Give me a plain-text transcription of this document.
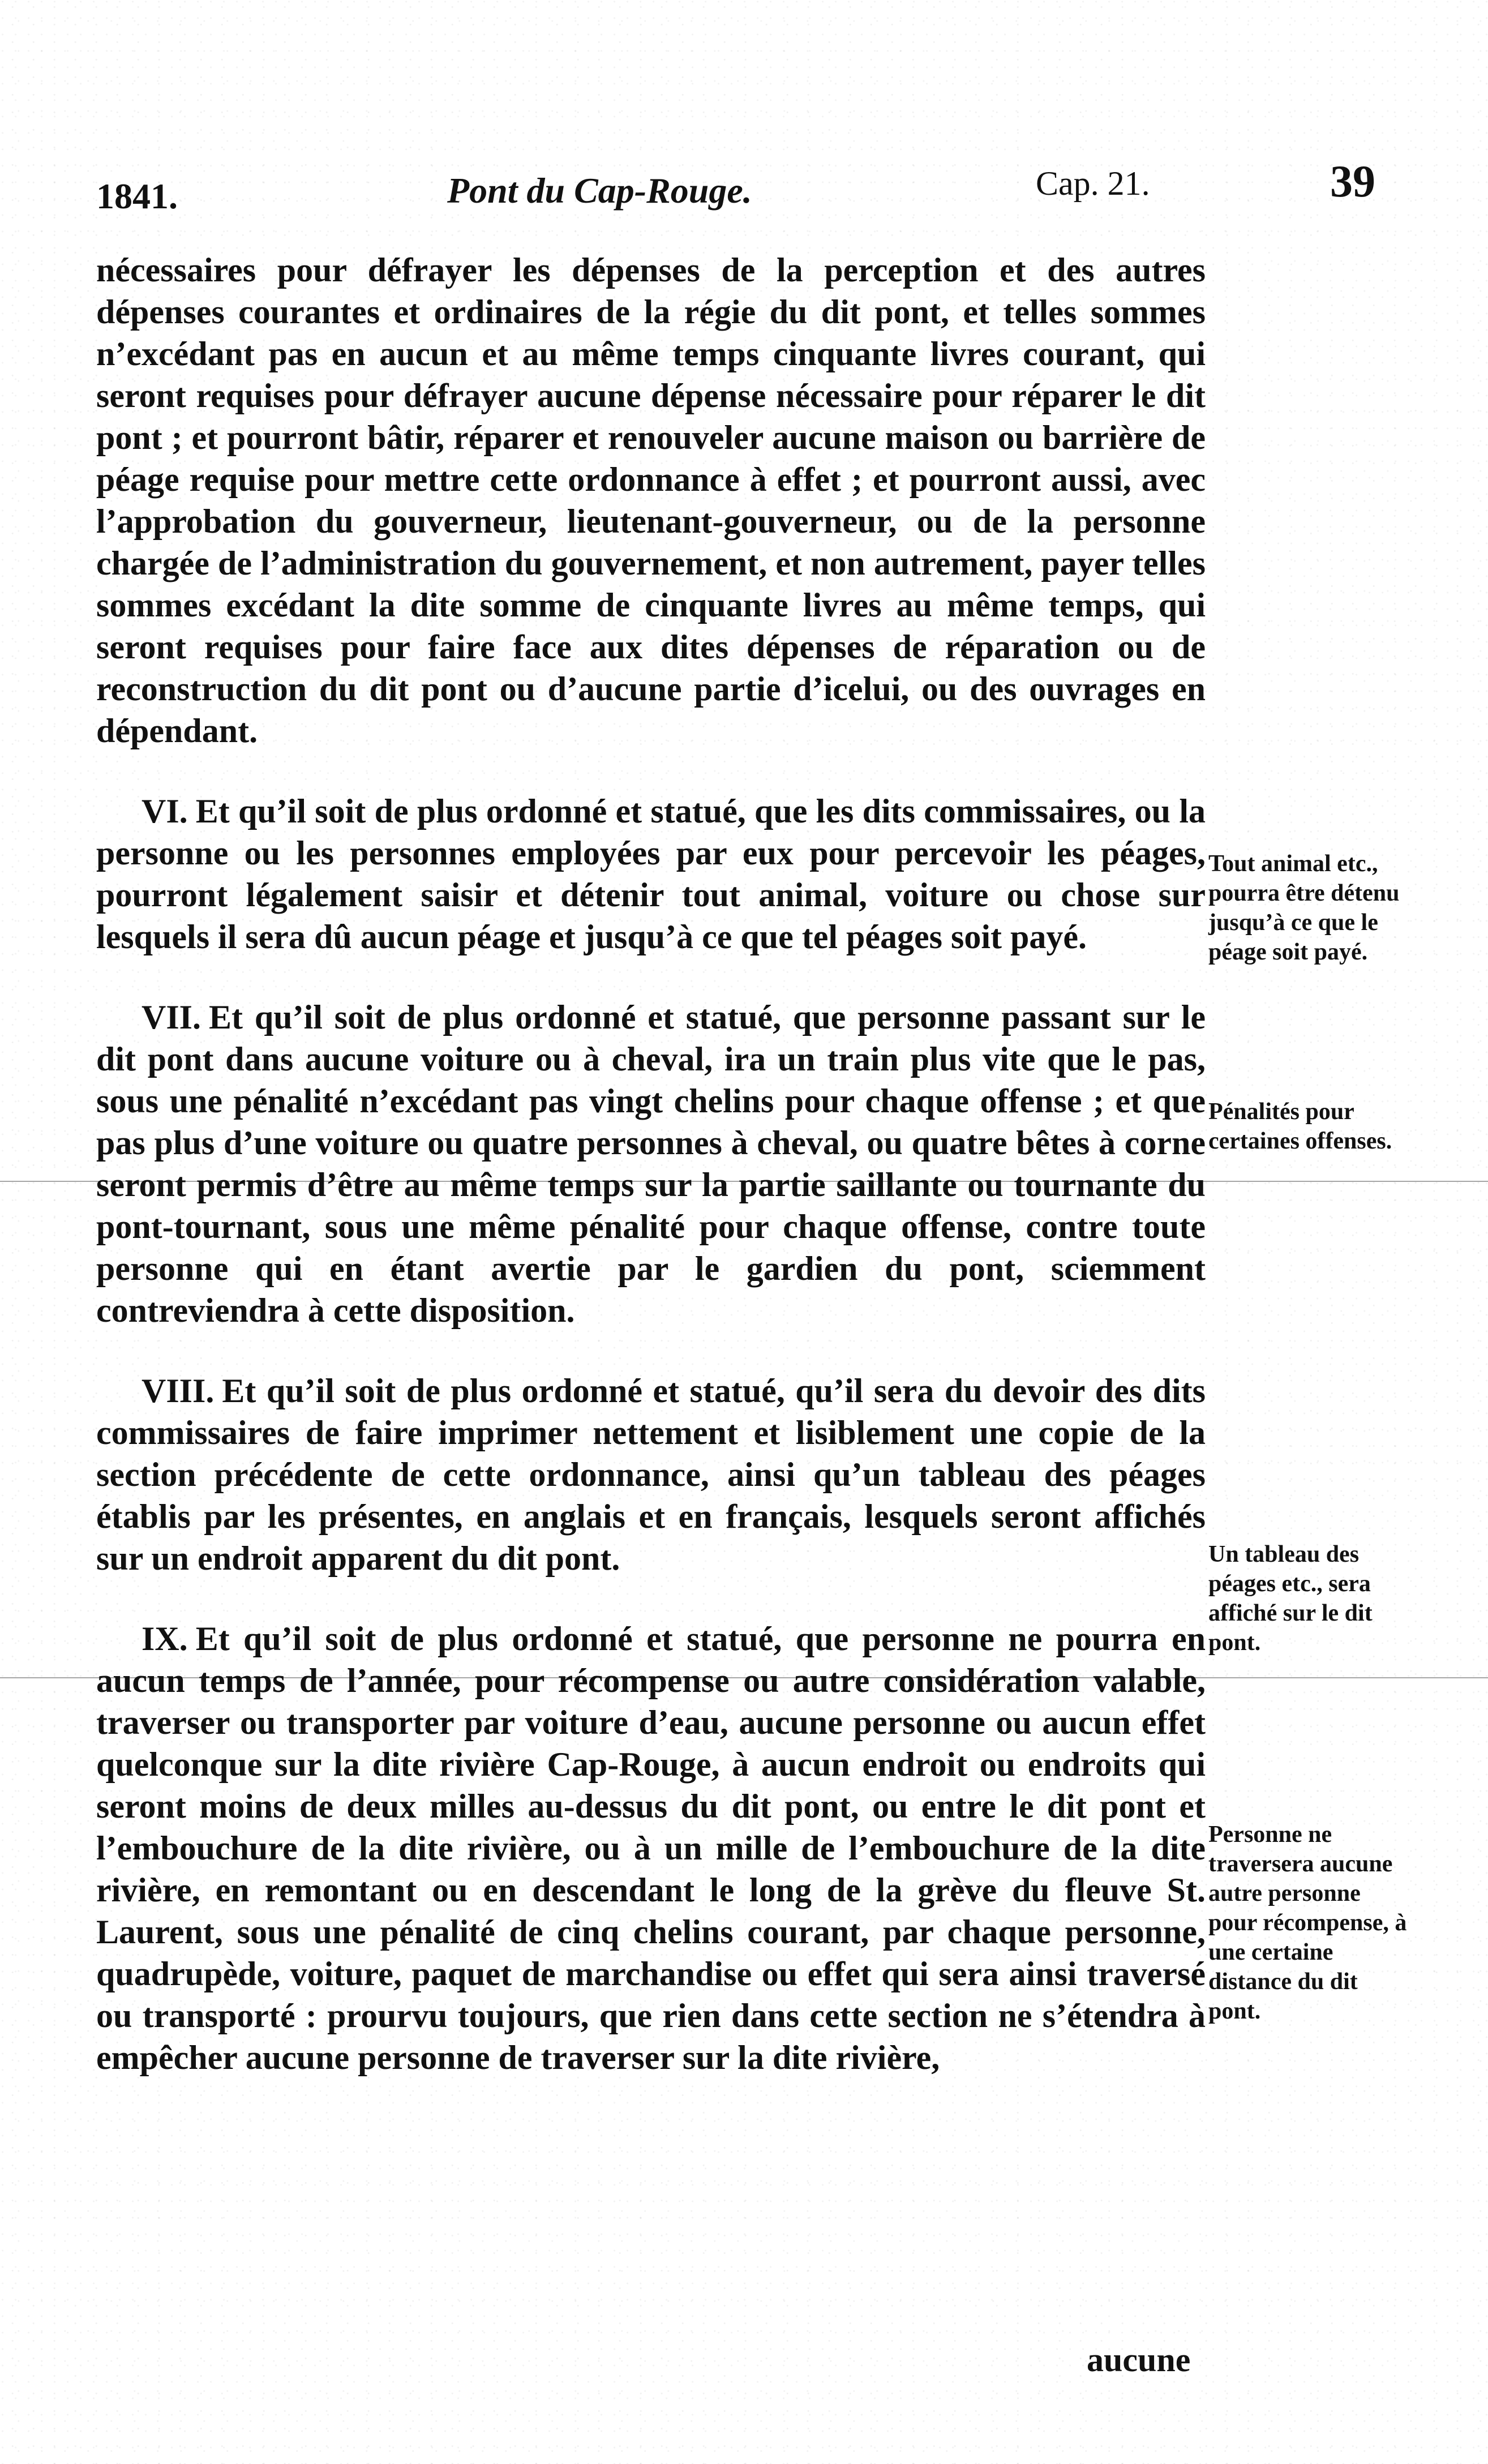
1841.	Pont du Cap-Rouge.	Cap. 21.	39

nécessaires pour défrayer les dépenses de la perception et des autres dépenses courantes et ordinaires de la régie du dit pont, et telles sommes n’excédant pas en aucun et au même temps cinquante livres courant, qui seront requises pour défrayer aucune dépense nécessaire pour réparer le dit pont ; et pourront bâtir, réparer et renouveler aucune maison ou barrière de péage requise pour mettre cette ordonnance à effet ; et pourront aussi, avec l’approbation du gouverneur, lieutenant-gouverneur, ou de la personne chargée de l’administration du gouvernement, et non autrement, payer telles sommes excédant la dite somme de cinquante livres au même temps, qui seront requises pour faire face aux dites dépenses de réparation ou de reconstruction du dit pont ou d’aucune partie d’icelui, ou des ouvrages en dépendant.

VI. Et qu’il soit de plus ordonné et statué, que les dits commissaires, ou la personne ou les personnes employées par eux pour percevoir les péages, pourront légalement saisir et détenir tout animal, voiture ou chose sur lesquels il sera dû aucun péage et jusqu’à ce que tel péages soit payé.

VII. Et qu’il soit de plus ordonné et statué, que personne passant sur le dit pont dans aucune voiture ou à cheval, ira un train plus vite que le pas, sous une pénalité n’excédant pas vingt chelins pour chaque offense ; et que pas plus d’une voiture ou quatre personnes à cheval, ou quatre bêtes à corne seront permis d’être au même temps sur la partie saillante ou tournante du pont-tournant, sous une même pénalité pour chaque offense, contre toute personne qui en étant avertie par le gardien du pont, sciemment contreviendra à cette disposition.

VIII. Et qu’il soit de plus ordonné et statué, qu’il sera du devoir des dits commissaires de faire imprimer nettement et lisiblement une copie de la section précédente de cette ordonnance, ainsi qu’un tableau des péages établis par les présentes, en anglais et en français, lesquels seront affichés sur un endroit apparent du dit pont.

IX. Et qu’il soit de plus ordonné et statué, que personne ne pourra en aucun temps de l’année, pour récompense ou autre considération valable, traverser ou transporter par voiture d’eau, aucune personne ou aucun effet quelconque sur la dite rivière Cap-Rouge, à aucun endroit ou endroits qui seront moins de deux milles au-dessus du dit pont, ou entre le dit pont et l’embouchure de la dite rivière, ou à un mille de l’embouchure de la dite rivière, en remontant ou en descendant le long de la grève du fleuve St. Laurent, sous une pénalité de cinq chelins courant, par chaque personne, quadrupède, voiture, paquet de marchandise ou effet qui sera ainsi traversé ou transporté : prourvu toujours, que rien dans cette section ne s’étendra à empêcher aucune personne de traverser sur la dite rivière,

Tout animal etc., pourra être détenu jusqu’à ce que le péage soit payé.
Pénalités pour certaines offenses.
Un tableau des péages etc., sera affiché sur le dit pont.
Personne ne traversera aucune autre personne pour récompense, à une certaine distance du dit pont.
aucune
